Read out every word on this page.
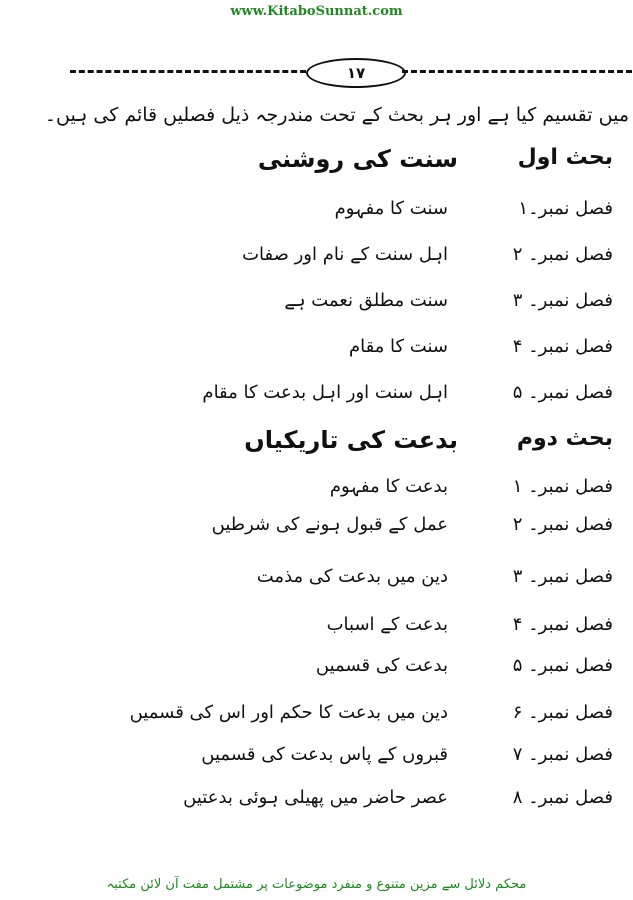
www.KitaboSunnat.com
۱۷
میں تقسیم کیا ہے اور ہر بحث کے تحت مندرجہ ذیل فصلیں قائم کی ہیں۔
بحث اول
سنت کی روشنی
فصل نمبر۔۱
سنت کا مفہوم
فصل نمبر۔ ۲
اہل سنت کے نام اور صفات
فصل نمبر۔ ۳
سنت مطلق نعمت ہے
فصل نمبر۔ ۴
سنت کا مقام
فصل نمبر۔ ۵
اہل سنت اور اہل بدعت کا مقام
بحث دوم
بدعت کی تاریکیاں
فصل نمبر۔ ۱
بدعت کا مفہوم
فصل نمبر۔ ۲
عمل کے قبول ہونے کی شرطیں
فصل نمبر۔ ۳
دین میں بدعت کی مذمت
فصل نمبر۔ ۴
بدعت کے اسباب
فصل نمبر۔ ۵
بدعت کی قسمیں
فصل نمبر۔ ۶
دین میں بدعت کا حکم اور اس کی قسمیں
فصل نمبر۔ ۷
قبروں کے پاس بدعت کی قسمیں
فصل نمبر۔ ۸
عصر حاضر میں پھیلی ہوئی بدعتیں
محکم دلائل سے مزین متنوع و منفرد موضوعات پر مشتمل مفت آن لائن مکتبہ
